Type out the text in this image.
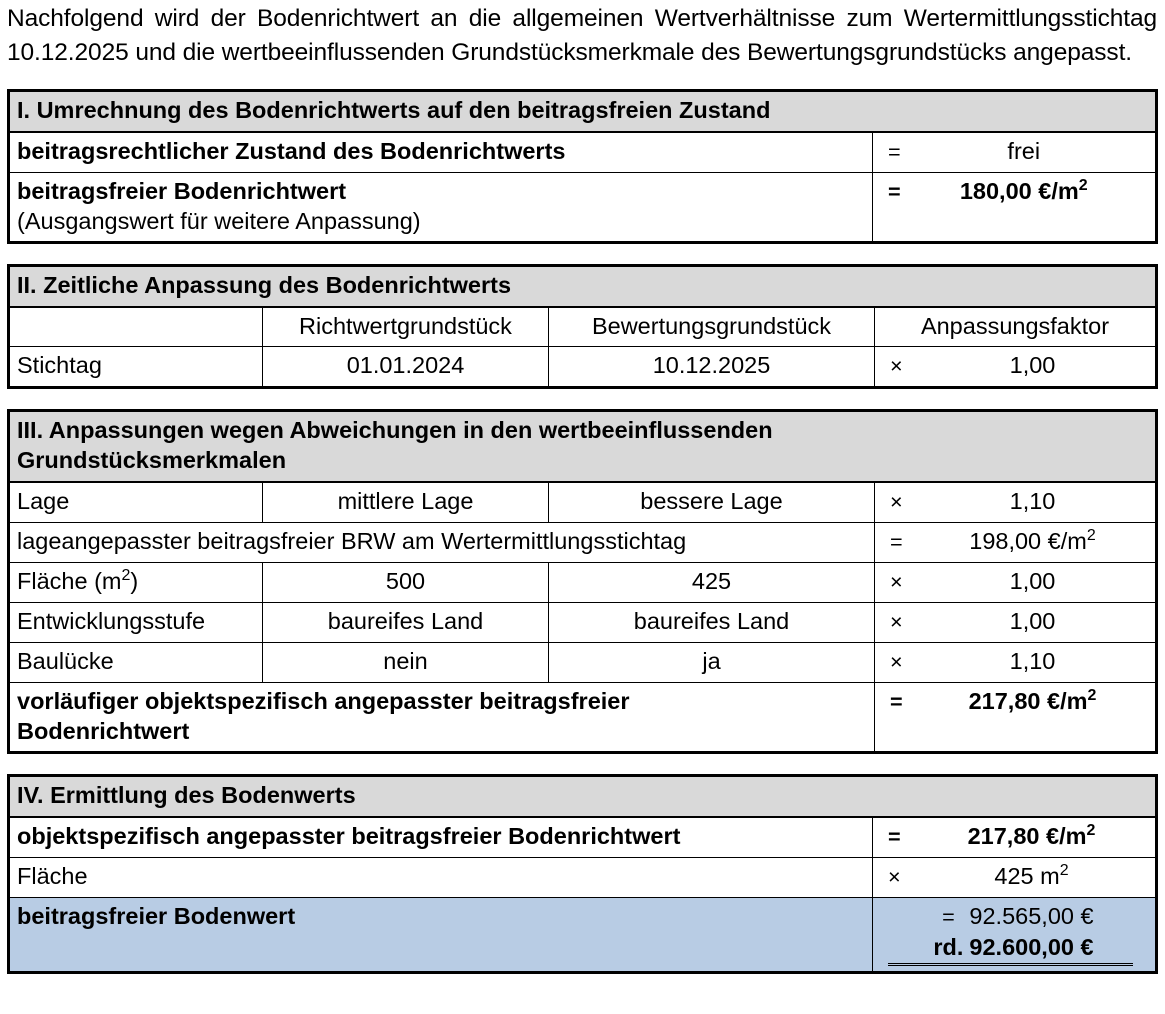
Nachfolgend wird der Bodenrichtwert an die allgemeinen Wertverhältnisse zum Wertermittlungsstichtag 10.12.2025 und die wertbeeinflussenden Grundstücksmerkmale des Bewertungsgrundstücks angepasst.

I. Umrechnung des Bodenrichtwerts auf den beitragsfreien Zustand		
beitragsrechtlicher Zustand des Bodenrichtwerts	=	frei

beitragsfreier Bodenrichtwert
(Ausgangswert für weitere Anpassung)	=	180,00 $€/m^2$
II. Zeitliche Anpassung des Bodenrichtwerts			
	Richtwertgrundstück	Bewertungsgrundstück	Anpassungsfaktor
Stichtag	01.01.2024	10.12.2025	× 1,00
III. Anpassungen wegen Abweichungen in den wertbeeinflussenden
Grundstücksmerkmalen			

Lage	mittlere Lage	bessere Lage	× 1,10

lageangepasster beitragsfreier BRW am Wertermittlungsstichtag			= 198,00 $€/m^2$

Fläche $(m^2)$	500	425	× 1,00

Entwicklungsstufe	baureifes Land	baureifes Land	× 1,00

Baulücke	nein	ja	× 1,10

vorläufiger objektspezifisch angepasster beitragsfreier
Bodenrichtwert			= 217,80 $€/m^2$
IV. Ermittlung des Bodenwerts	
objektspezifisch angepasster beitragsfreier Bodenrichtwert	= 217,80 $€/m^2$

Fläche	× 425 $m^2$

beitragsfreier Bodenwert	= 92.565,00 €
rd. 92.600,00 €
